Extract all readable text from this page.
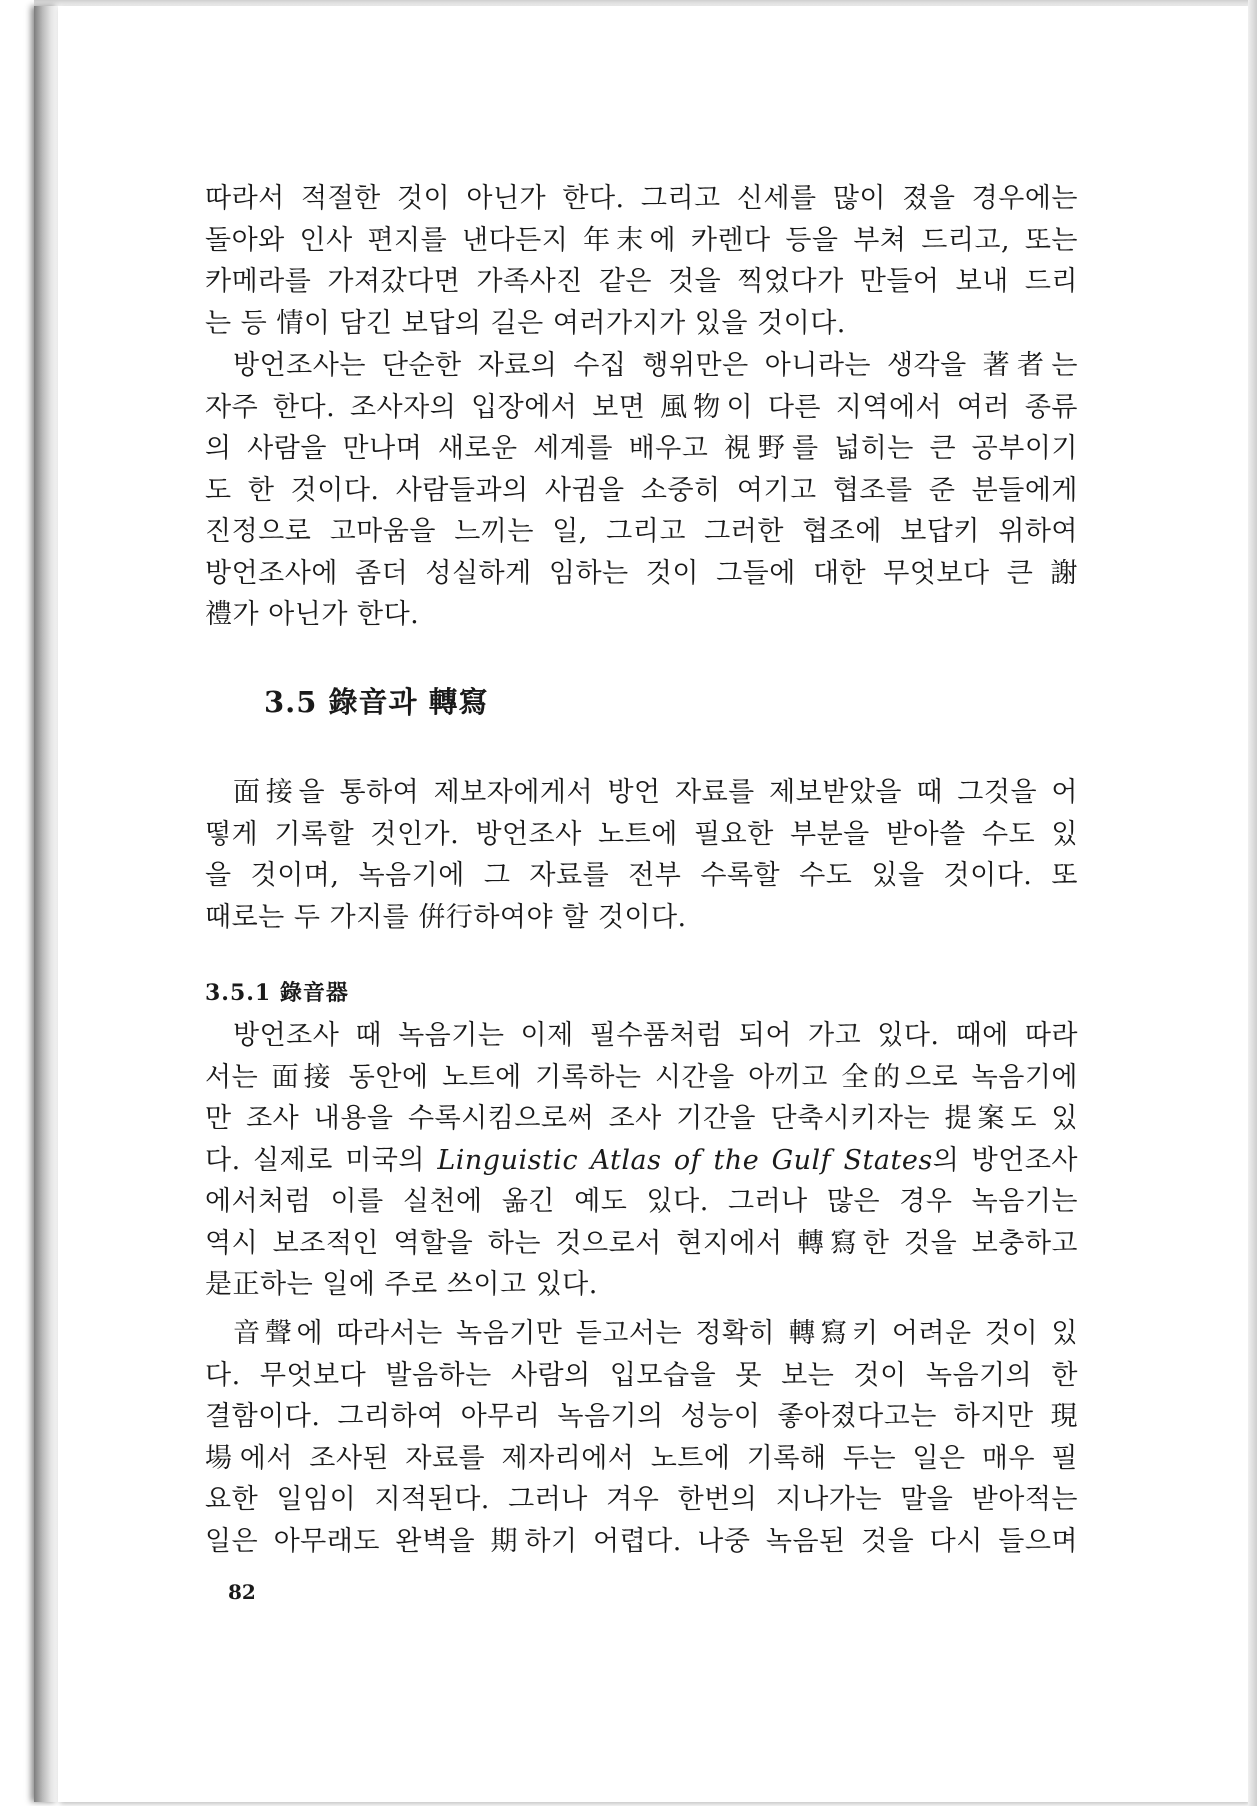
따라서 적절한 것이 아닌가 한다. 그리고 신세를 많이 졌을 경우에는
돌아와 인사 편지를 낸다든지 年末에 카렌다 등을 부쳐 드리고, 또는
카메라를 가져갔다면 가족사진 같은 것을 찍었다가 만들어 보내 드리
는 등 情이 담긴 보답의 길은 여러가지가 있을 것이다.

방언조사는 단순한 자료의 수집 행위만은 아니라는 생각을 著者는
자주 한다. 조사자의 입장에서 보면 風物이 다른 지역에서 여러 종류
의 사람을 만나며 새로운 세계를 배우고 視野를 넓히는 큰 공부이기
도 한 것이다. 사람들과의 사귐을 소중히 여기고 협조를 준 분들에게
진정으로 고마움을 느끼는 일, 그리고 그러한 협조에 보답키 위하여
방언조사에 좀더 성실하게 임하는 것이 그들에 대한 무엇보다 큰 謝
禮가 아닌가 한다.

3.5 錄音과 轉寫

面接을 통하여 제보자에게서 방언 자료를 제보받았을 때 그것을 어
떻게 기록할 것인가. 방언조사 노트에 필요한 부분을 받아쓸 수도 있
을 것이며, 녹음기에 그 자료를 전부 수록할 수도 있을 것이다. 또
때로는 두 가지를 倂行하여야 할 것이다.

3.5.1 錄音器

방언조사 때 녹음기는 이제 필수품처럼 되어 가고 있다. 때에 따라
서는 面接 동안에 노트에 기록하는 시간을 아끼고 全的으로 녹음기에
만 조사 내용을 수록시킴으로써 조사 기간을 단축시키자는 提案도 있
다. 실제로 미국의 Linguistic Atlas of the Gulf States의 방언조사
에서처럼 이를 실천에 옮긴 예도 있다. 그러나 많은 경우 녹음기는
역시 보조적인 역할을 하는 것으로서 현지에서 轉寫한 것을 보충하고
是正하는 일에 주로 쓰이고 있다.

音聲에 따라서는 녹음기만 듣고서는 정확히 轉寫키 어려운 것이 있
다. 무엇보다 발음하는 사람의 입모습을 못 보는 것이 녹음기의 한
결함이다. 그리하여 아무리 녹음기의 성능이 좋아졌다고는 하지만 現
場에서 조사된 자료를 제자리에서 노트에 기록해 두는 일은 매우 필
요한 일임이 지적된다. 그러나 겨우 한번의 지나가는 말을 받아적는
일은 아무래도 완벽을 期하기 어렵다. 나중 녹음된 것을 다시 들으며

82
